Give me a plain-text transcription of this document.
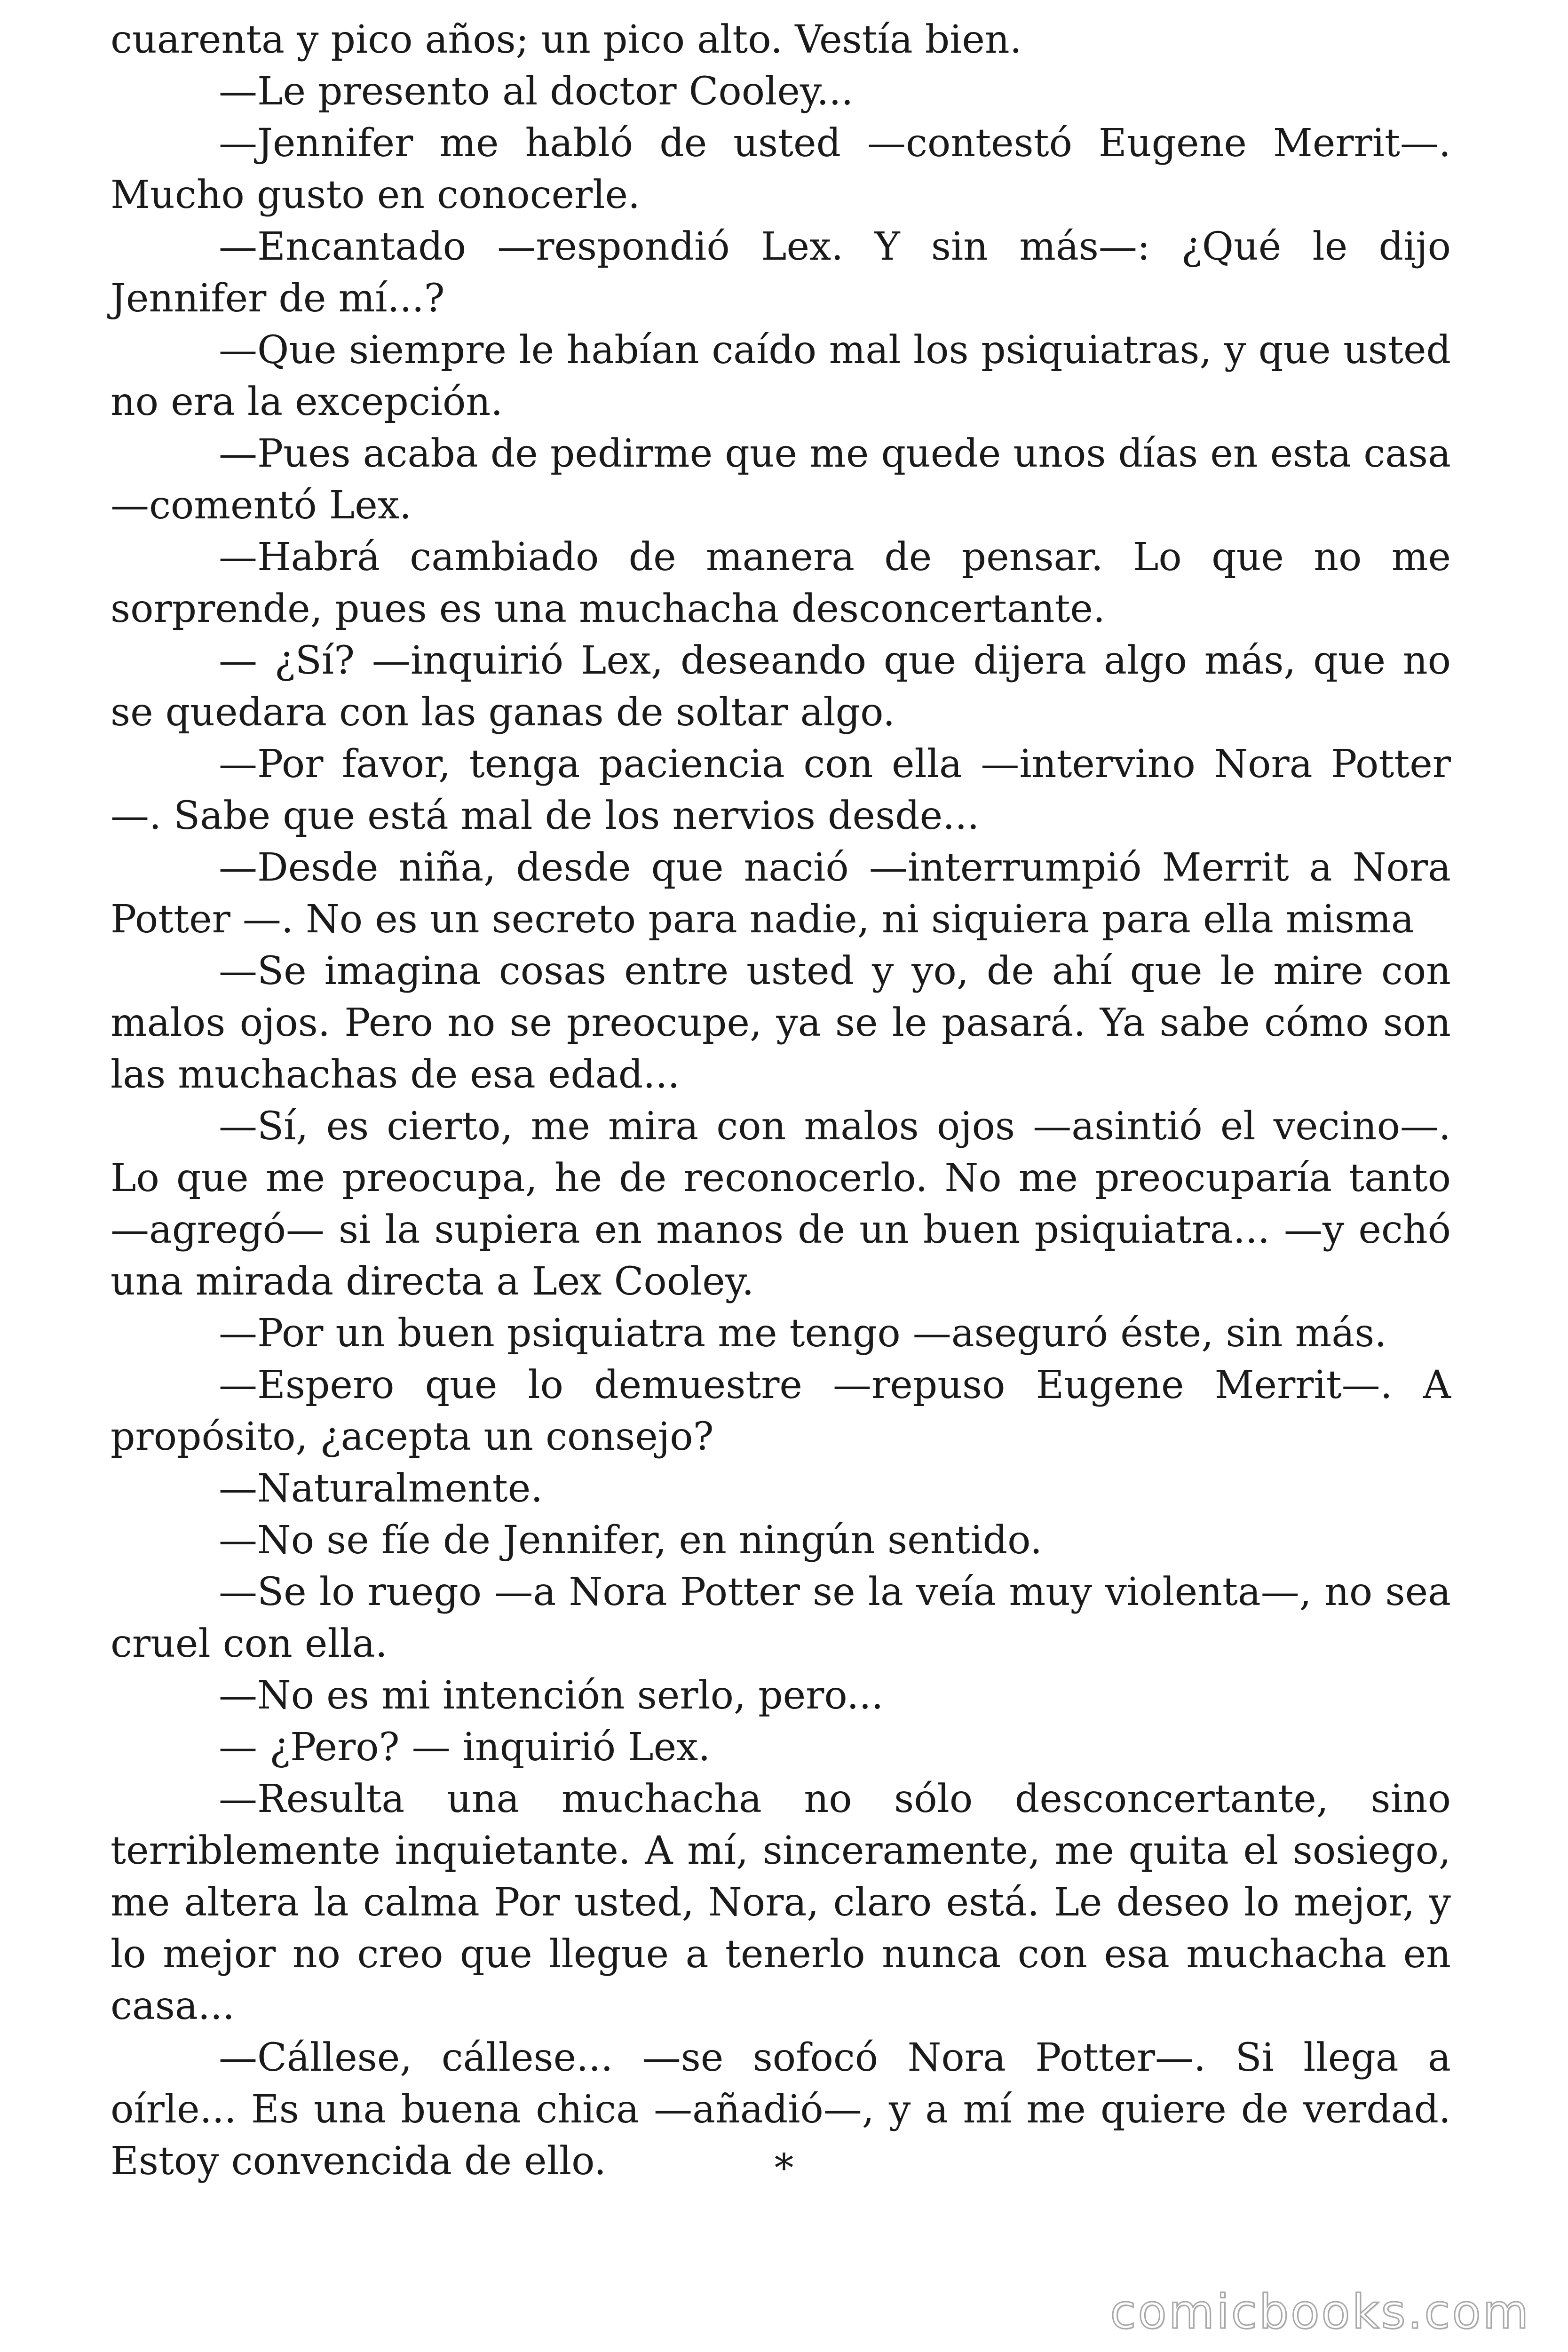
cuarenta y pico años; un pico alto. Vestía bien.

—Le presento al doctor Cooley...

—Jennifer me habló de usted —contestó Eugene Merrit—. Mucho gusto en conocerle.

—Encantado —respondió Lex. Y sin más—: ¿Qué le dijo Jennifer de mí...?

—Que siempre le habían caído mal los psiquiatras, y que usted no era la excepción.

—Pues acaba de pedirme que me quede unos días en esta casa —comentó Lex.

—Habrá cambiado de manera de pensar. Lo que no me sorprende, pues es una muchacha desconcertante.

— ¿Sí? —inquirió Lex, deseando que dijera algo más, que no se quedara con las ganas de soltar algo.

—Por favor, tenga paciencia con ella —intervino Nora Potter—. Sabe que está mal de los nervios desde...

—Desde niña, desde que nació —interrumpió Merrit a Nora Potter —. No es un secreto para nadie, ni siquiera para ella misma

—Se imagina cosas entre usted y yo, de ahí que le mire con malos ojos. Pero no se preocupe, ya se le pasará. Ya sabe cómo son las muchachas de esa edad...

—Sí, es cierto, me mira con malos ojos —asintió el vecino—. Lo que me preocupa, he de reconocerlo. No me preocuparía tanto —agregó— si la supiera en manos de un buen psiquiatra... —y echó una mirada directa a Lex Cooley.

—Por un buen psiquiatra me tengo —aseguró éste, sin más.

—Espero que lo demuestre —repuso Eugene Merrit—. A propósito, ¿acepta un consejo?

—Naturalmente.

—No se fíe de Jennifer, en ningún sentido.

—Se lo ruego —a Nora Potter se la veía muy violenta—, no sea cruel con ella.

—No es mi intención serlo, pero...

— ¿Pero? — inquirió Lex.

—Resulta una muchacha no sólo desconcertante, sino terriblemente inquietante. A mí, sinceramente, me quita el sosiego, me altera la calma Por usted, Nora, claro está. Le deseo lo mejor, y lo mejor no creo que llegue a tenerlo nunca con esa muchacha en casa...

—Cállese, cállese... —se sofocó Nora Potter—. Si llega a oírle... Es una buena chica —añadió—, y a mí me quiere de verdad. Estoy convencida de ello.	*
comicbooks.com
